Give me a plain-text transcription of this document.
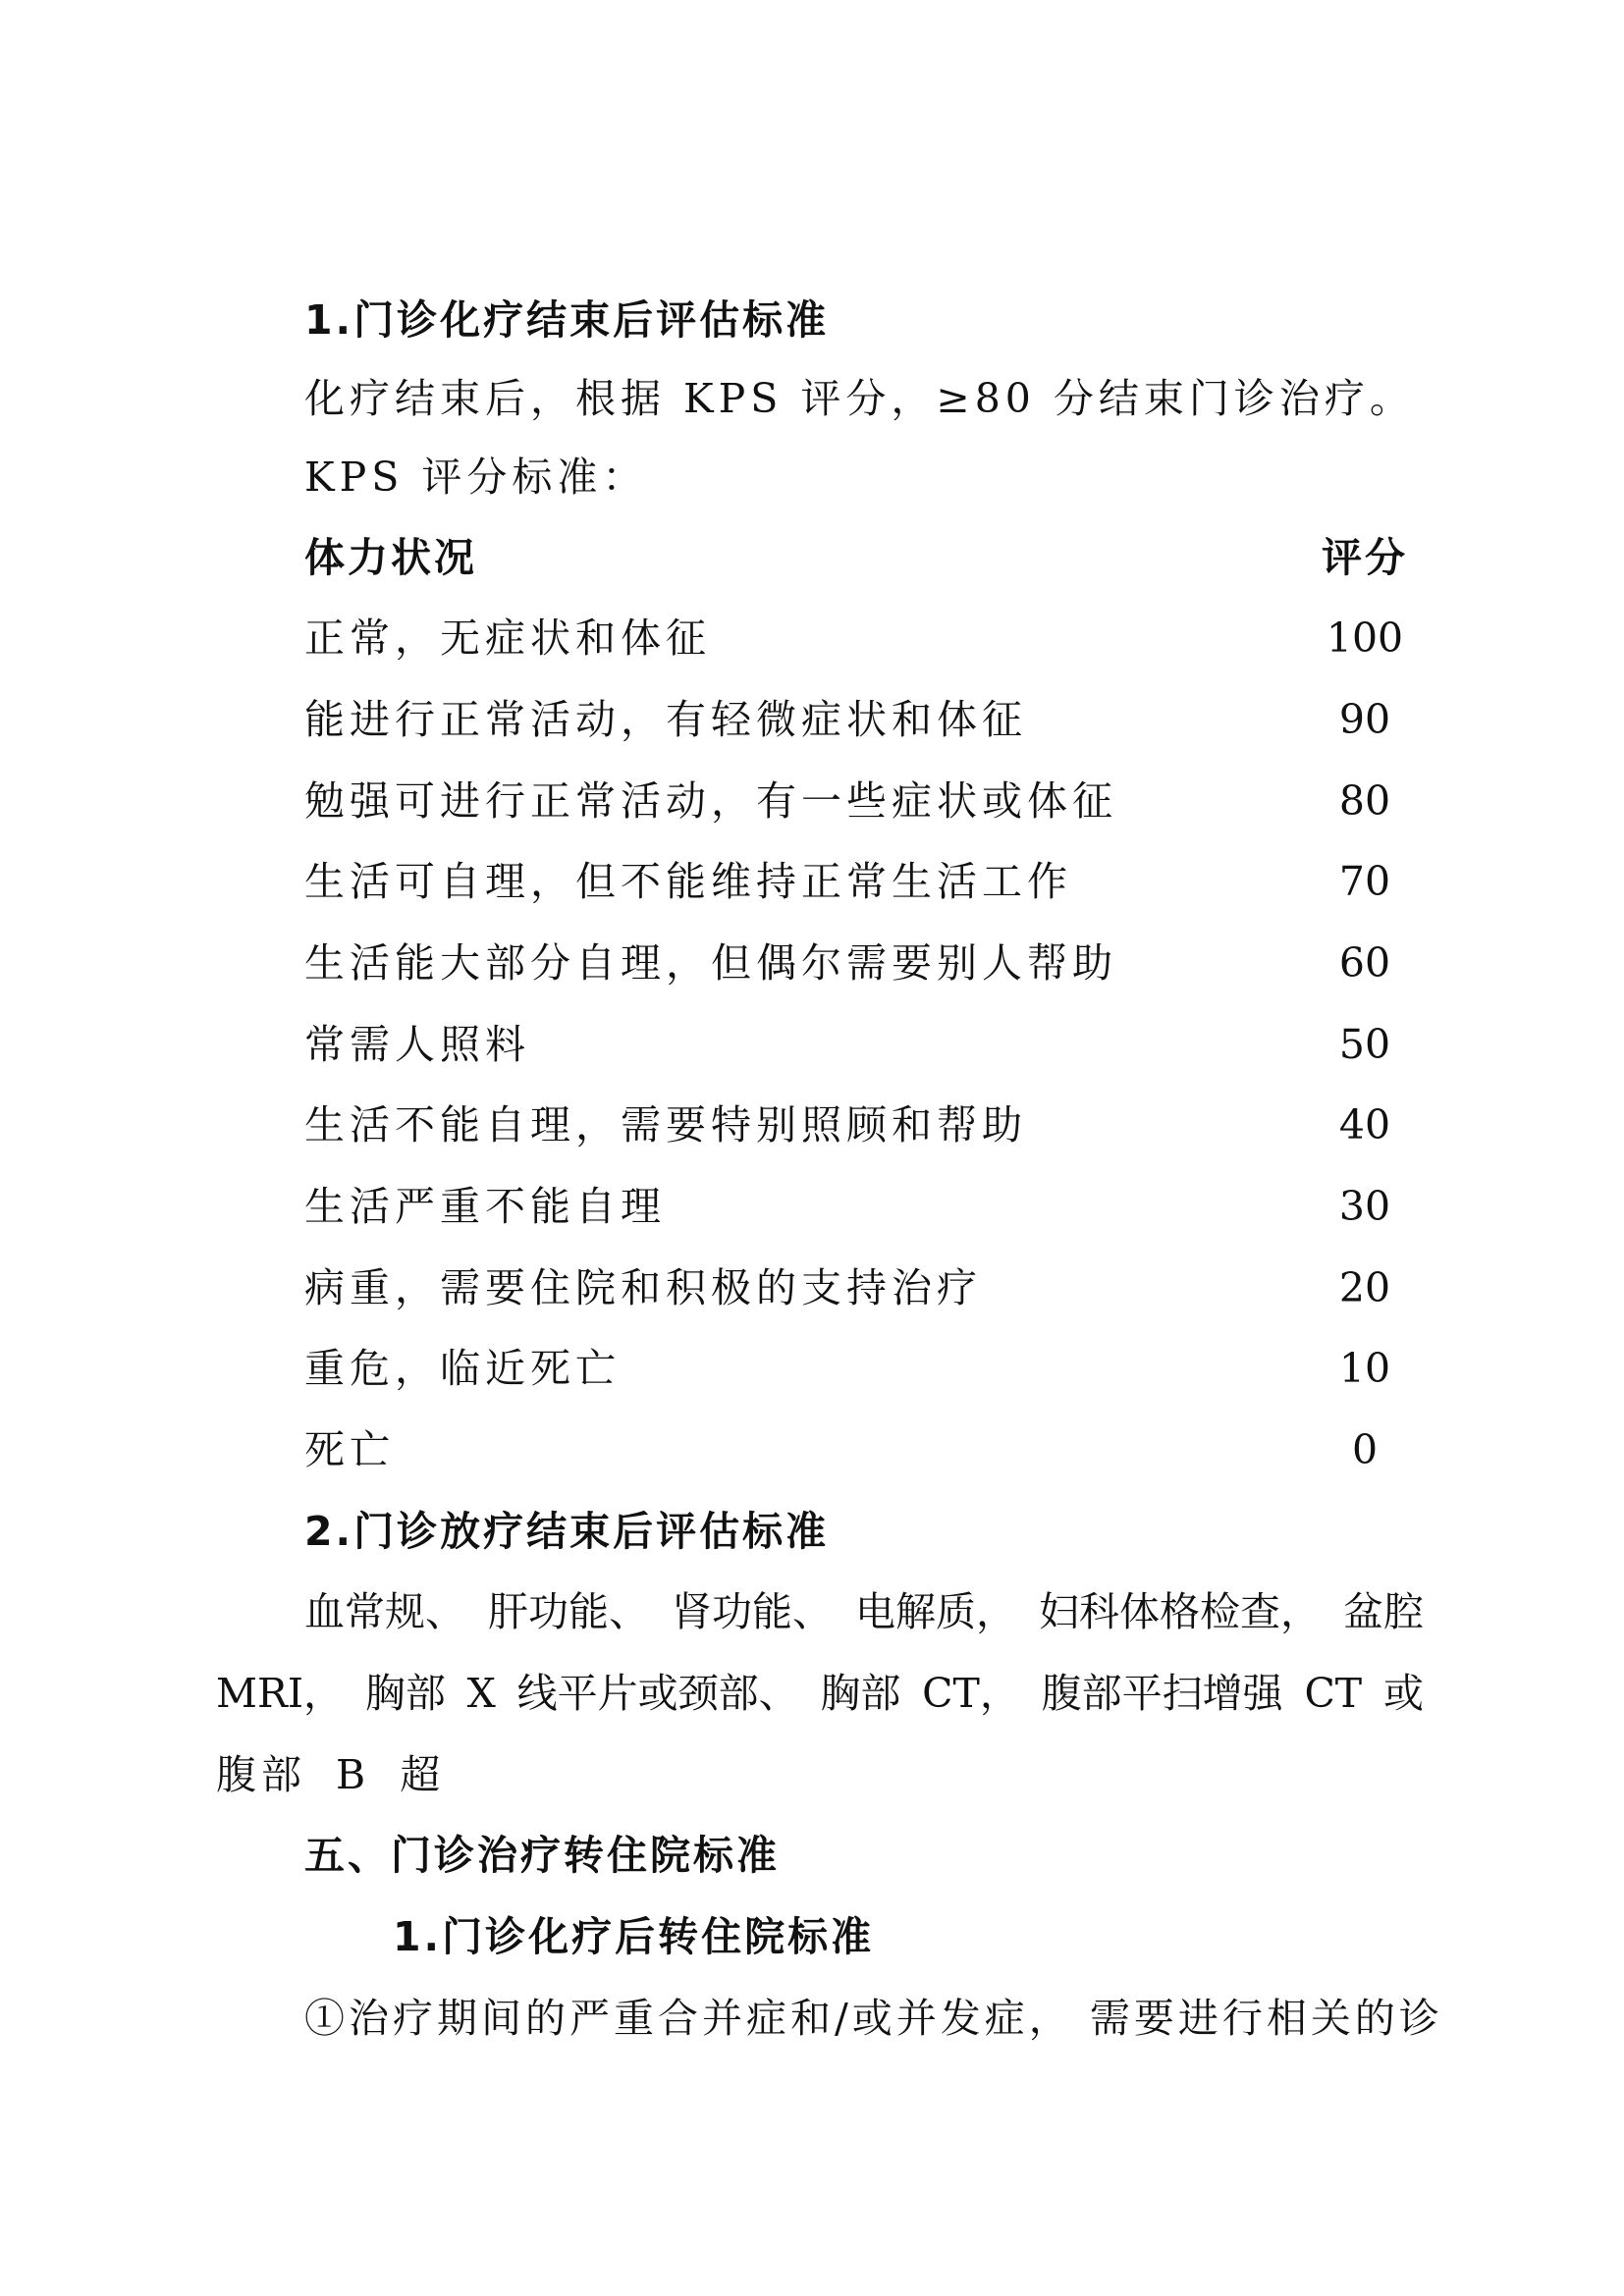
1.门诊化疗结束后评估标准
化疗结束后，根据 KPS 评分，≥80 分结束门诊治疗。
KPS 评分标准：
体力状况	评分
正常，无症状和体征	100
能进行正常活动，有轻微症状和体征	90
勉强可进行正常活动，有一些症状或体征	80
生活可自理，但不能维持正常生活工作	70
生活能大部分自理，但偶尔需要别人帮助	60
常需人照料	50
生活不能自理，需要特别照顾和帮助	40
生活严重不能自理	30
病重，需要住院和积极的支持治疗	20
重危，临近死亡	10
死亡	0
2.门诊放疗结束后评估标准
血常规、 肝功能、 肾功能、 电解质， 妇科体格检查， 盆腔
MRI， 胸部 X 线平片或颈部、 胸部 CT， 腹部平扫增强 CT 或
腹部 B 超
五、门诊治疗转住院标准
1.门诊化疗后转住院标准
①治疗期间的严重合并症和/或并发症， 需要进行相关的诊
